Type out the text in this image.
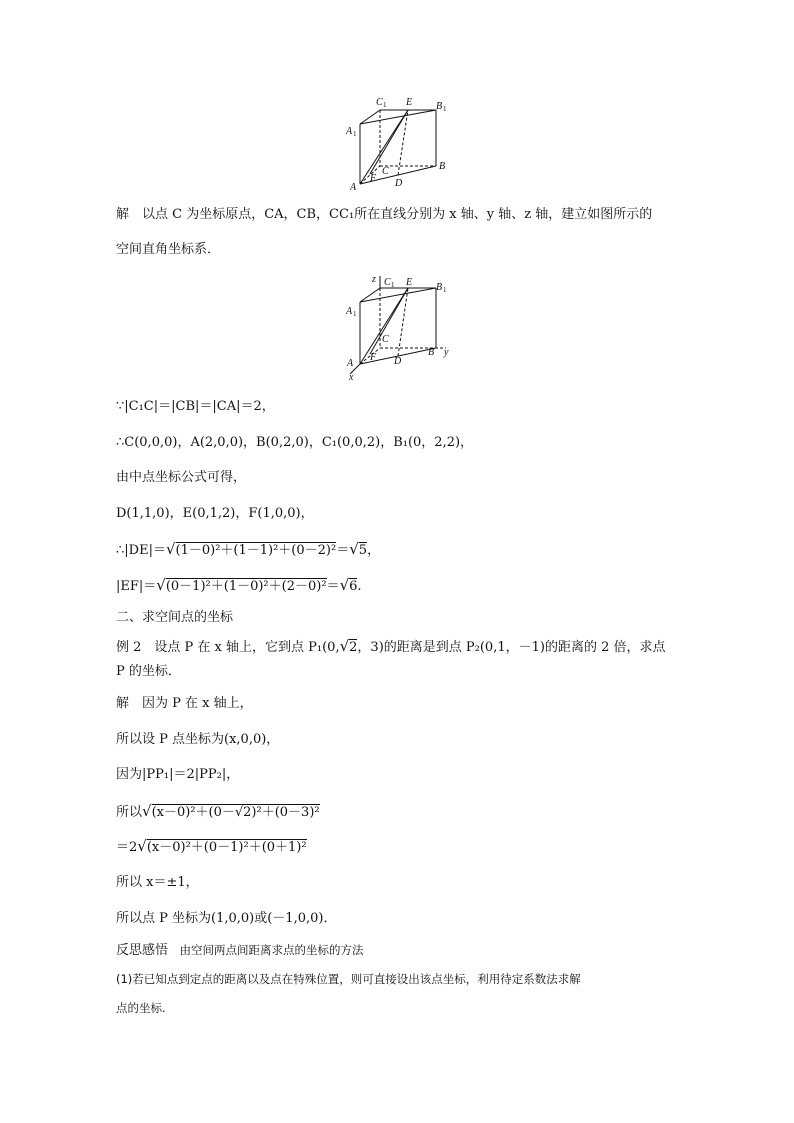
C 1 E B 1
A 1
B
C
F D
A
解　以点 C 为坐标原点，CA，CB，CC₁所在直线分别为 x 轴、y 轴、z 轴，建立如图所示的
空间直角坐标系．
z C 1 E B 1
A 1
B y
C
F D
A
x
∵|C₁C|＝|CB|＝|CA|＝2，
∴C(0,0,0)，A(2,0,0)，B(0,2,0)，C₁(0,0,2)，B₁(0，2,2)，
由中点坐标公式可得，
D(1,1,0)，E(0,1,2)，F(1,0,0)，
∴|DE|＝√(1－0)²＋(1－1)²＋(0－2)²＝√5，
|EF|＝√(0－1)²＋(1－0)²＋(2－0)²＝√6.
二、求空间点的坐标
例 2　设点 P 在 x 轴上，它到点 P₁(0,√2，3)的距离是到点 P₂(0,1，－1)的距离的 2 倍，求点
P 的坐标．
解　因为 P 在 x 轴上，
所以设 P 点坐标为(x,0,0)，
因为|PP₁|＝2|PP₂|，
所以√(x－0)²＋(0－√2)²＋(0－3)²
＝2√(x－0)²＋(0－1)²＋(0＋1)²
所以 x＝±1，
所以点 P 坐标为(1,0,0)或(－1,0,0)．
反思感悟　由空间两点间距离求点的坐标的方法
(1)若已知点到定点的距离以及点在特殊位置，则可直接设出该点坐标，利用待定系数法求解
点的坐标.
